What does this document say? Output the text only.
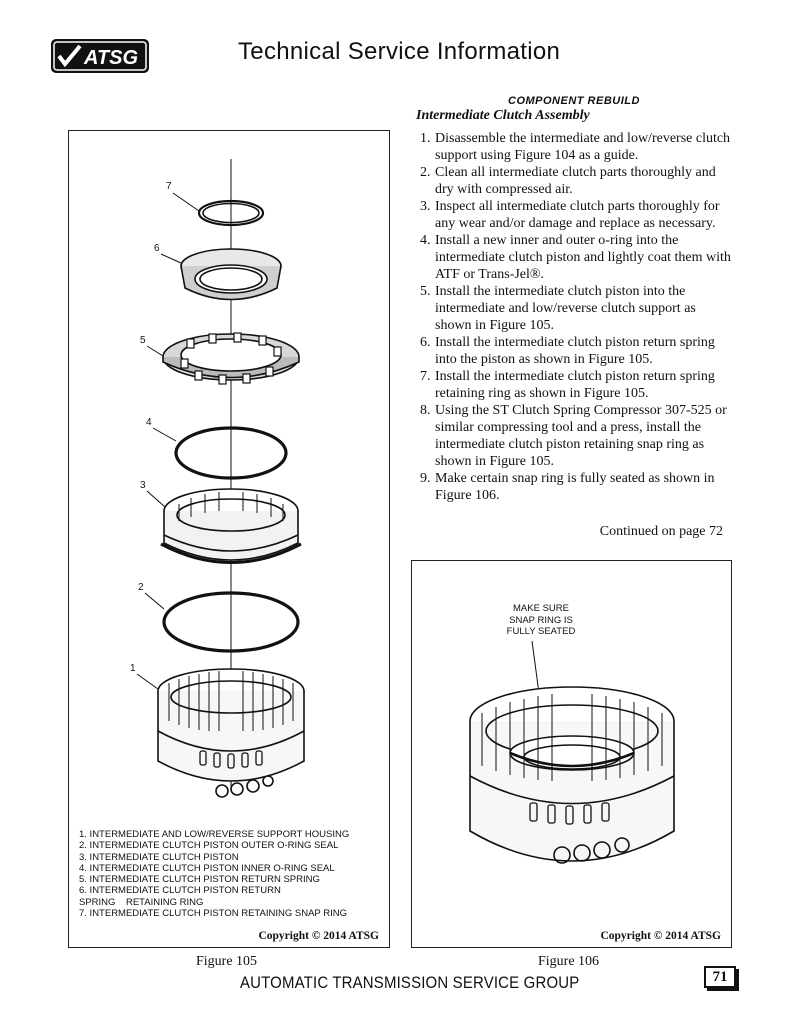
ATSG	Technical Service Information
COMPONENT REBUILD
Intermediate Clutch Assembly
1. Disassemble the intermediate and low/reverse clutch support using Figure 104 as a guide.
2. Clean all intermediate clutch parts thoroughly and dry with compressed air.
3. Inspect all intermediate clutch parts thoroughly for any wear and/or damage and replace as necessary.
4. Install a new inner and outer o-ring into the intermediate clutch piston and lightly coat them with ATF or Trans-Jel®.
5. Install the intermediate clutch piston into the intermediate and low/reverse clutch support as shown in Figure 105.
6. Install the intermediate clutch piston return spring into the piston as shown in Figure 105.
7. Install the intermediate clutch piston return spring retaining ring as shown in Figure 105.
8. Using the ST Clutch Spring Compressor 307-525 or similar compressing tool and a press, install the intermediate clutch piston retaining snap ring as shown in Figure 105.
9. Make certain snap ring is fully seated as shown in Figure 106.
Continued on page 72
7
6
5
4
3
2
1
1. INTERMEDIATE AND LOW/REVERSE SUPPORT HOUSING
2. INTERMEDIATE CLUTCH PISTON OUTER O-RING SEAL
3. INTERMEDIATE CLUTCH PISTON
4. INTERMEDIATE CLUTCH PISTON INNER O-RING SEAL
5. INTERMEDIATE CLUTCH PISTON RETURN SPRING
6. INTERMEDIATE CLUTCH PISTON RETURN SPRING    RETAINING RING
7. INTERMEDIATE CLUTCH PISTON RETAINING SNAP RING
Copyright © 2014 ATSG
Figure 105
MAKE SURE
SNAP RING IS
FULLY SEATED
Copyright © 2014 ATSG
Figure 106
AUTOMATIC TRANSMISSION SERVICE GROUP	71
